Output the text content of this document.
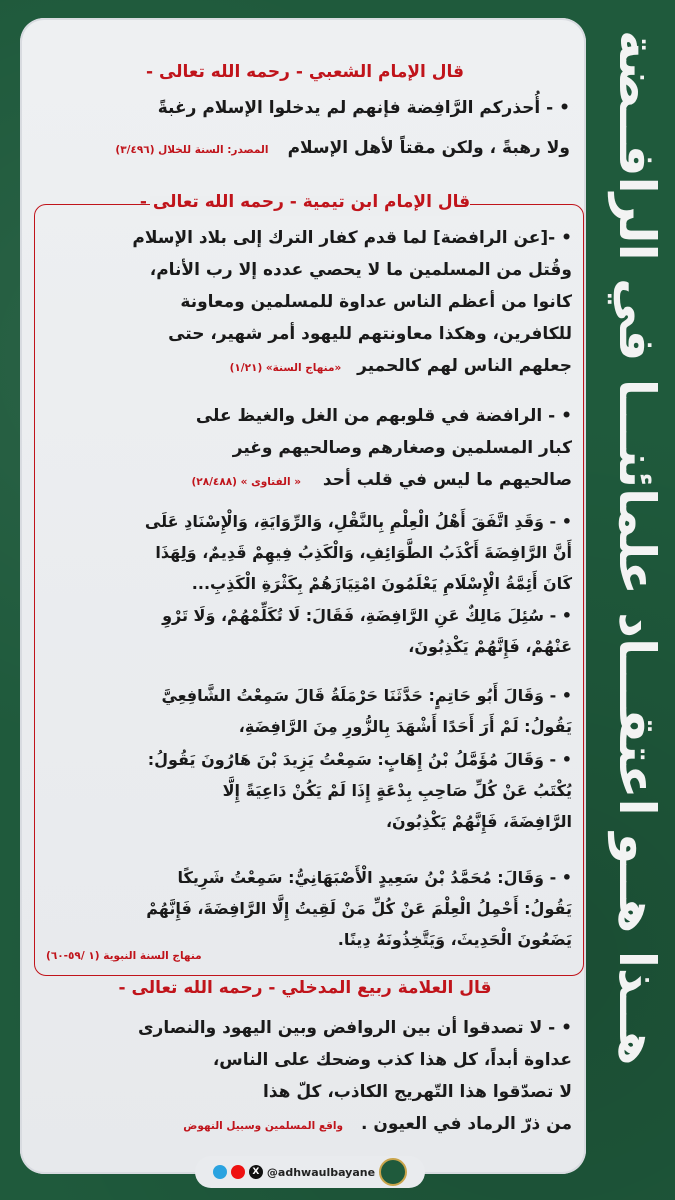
هــذا هــو اعتقـــاد علمائنـــا في الرافــضة
قال الإمام الشعبي - رحمه الله تعالى -
• - أُحذركم الرَّافِضة فإنهم لم يدخلوا الإسلام رغبةً
ولا رهبةً ، ولكن مقتاً لأهل الإسلام المصدر: السنة للخلال (٣/٤٩٦)
قال الإمام ابن تيمية - رحمه الله تعالى -
• -[عن الرافضة] لما قدم كفار الترك إلى بلاد الإسلام
وقُتل من المسلمين ما لا يحصي عدده إلا رب الأنام،
كانوا من أعظم الناس عداوة للمسلمين ومعاونة
للكافرين، وهكذا معاونتهم لليهود أمر شهير، حتى
جعلهم الناس لهم كالحمير «منهاج السنة» (١/٢١)
• - الرافضة في قلوبهم من الغل والغيظ على
كبار المسلمين وصغارهم وصالحيهم وغير
صالحيهم ما ليس في قلب أحد « الفتاوى » (٢٨/٤٨٨)
• - وَقَدِ اتَّفَقَ أَهْلُ الْعِلْمِ بِالنَّقْلِ، وَالرِّوَايَةِ، وَالْإِسْنَادِ عَلَى
أَنَّ الرَّافِضَةَ أَكْذَبُ الطَّوَائِفِ، وَالْكَذِبُ فِيهِمْ قَدِيمٌ، وَلِهَذَا
كَانَ أَئِمَّةُ الْإِسْلَامِ يَعْلَمُونَ امْتِيَازَهُمْ بِكَثْرَةِ الْكَذِبِ...
• - سُئِلَ مَالِكٌ عَنِ الرَّافِضَةِ، فَقَالَ: لَا تُكَلِّمْهُمْ، وَلَا تَرْوِ
عَنْهُمْ، فَإِنَّهُمْ يَكْذِبُونَ،
• - وَقَالَ أَبُو حَاتِمٍ: حَدَّثَنَا حَرْمَلَةُ قَالَ سَمِعْتُ الشَّافِعِيَّ
يَقُولُ: لَمْ أَرَ أَحَدًا أَشْهَدَ بِالزُّورِ مِنَ الرَّافِضَةِ،
• - وَقَالَ مُؤَمَّلُ بْنُ إِهَابٍ: سَمِعْتُ يَزِيدَ بْنَ هَارُونَ يَقُولُ:
يُكْتَبُ عَنْ كُلِّ صَاحِبِ بِدْعَةٍ إِذَا لَمْ يَكُنْ دَاعِيَةً إِلَّا
الرَّافِضَةَ، فَإِنَّهُمْ يَكْذِبُونَ،
• - وَقَالَ: مُحَمَّدُ بْنُ سَعِيدٍ الْأَصْبَهَانِيُّ: سَمِعْتُ شَرِيكًا
يَقُولُ: أَحْمِلُ الْعِلْمَ عَنْ كُلِّ مَنْ لَقِيتُ إِلَّا الرَّافِضَةَ، فَإِنَّهُمْ
يَضَعُونَ الْحَدِيثَ، وَيَتَّخِذُونَهُ دِينًا.
منهاج السنة النبوية (١ /٥٩-٦٠)
قال العلامة ربيع المدخلي - رحمه الله تعالى -
• - لا تصدقوا أن بين الروافض وبين اليهود والنصارى
عداوة أبداً، كل هذا كذب وضحك على الناس،
لا تصدّقوا هذا التّهريج الكاذب، كلّ هذا
من ذرّ الرماد في العيون . واقع المسلمين وسبيل النهوض
X @adhwaulbayane
